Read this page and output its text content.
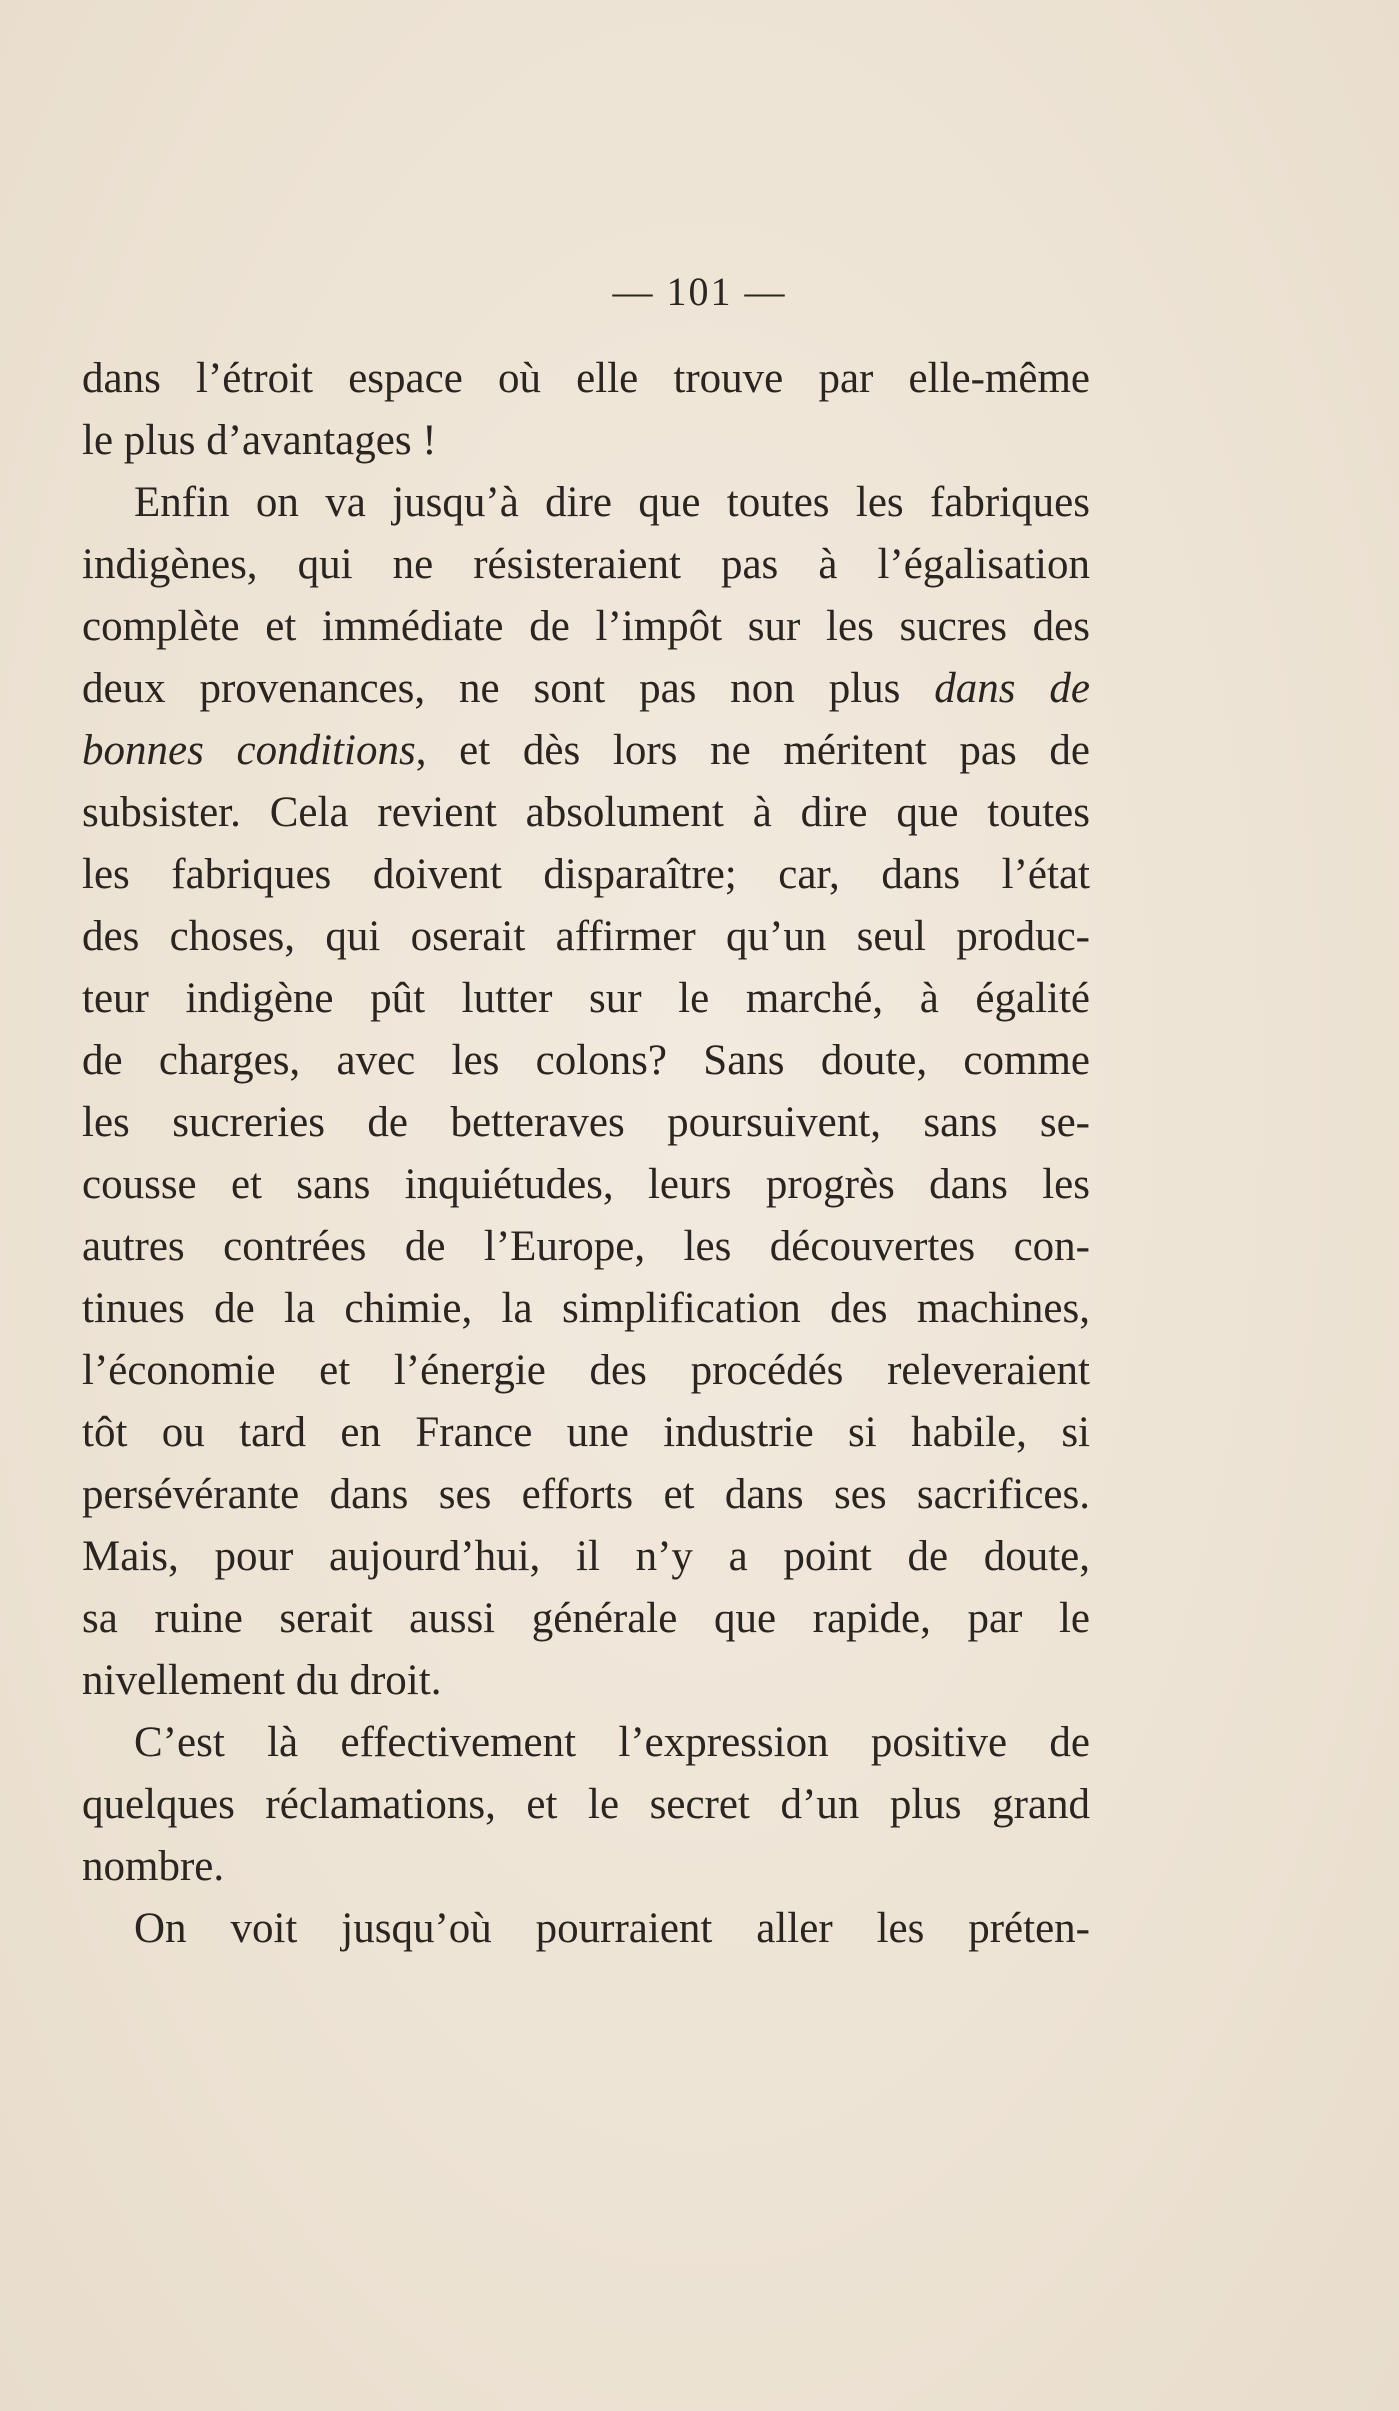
— 101 —
dans l’étroit espace où elle trouve par elle-même
le plus d’avantages !
Enfin on va jusqu’à dire que toutes les fabriques
indigènes, qui ne résisteraient pas à l’égalisation
complète et immédiate de l’impôt sur les sucres des
deux provenances, ne sont pas non plus dans de
bonnes conditions, et dès lors ne méritent pas de
subsister. Cela revient absolument à dire que toutes
les fabriques doivent disparaître; car, dans l’état
des choses, qui oserait affirmer qu’un seul produc-
teur indigène pût lutter sur le marché, à égalité
de charges, avec les colons? Sans doute, comme
les sucreries de betteraves poursuivent, sans se-
cousse et sans inquiétudes, leurs progrès dans les
autres contrées de l’Europe, les découvertes con-
tinues de la chimie, la simplification des machines,
l’économie et l’énergie des procédés releveraient
tôt ou tard en France une industrie si habile, si
persévérante dans ses efforts et dans ses sacrifices.
Mais, pour aujourd’hui, il n’y a point de doute,
sa ruine serait aussi générale que rapide, par le
nivellement du droit.
C’est là effectivement l’expression positive de
quelques réclamations, et le secret d’un plus grand
nombre.
On voit jusqu’où pourraient aller les préten-
